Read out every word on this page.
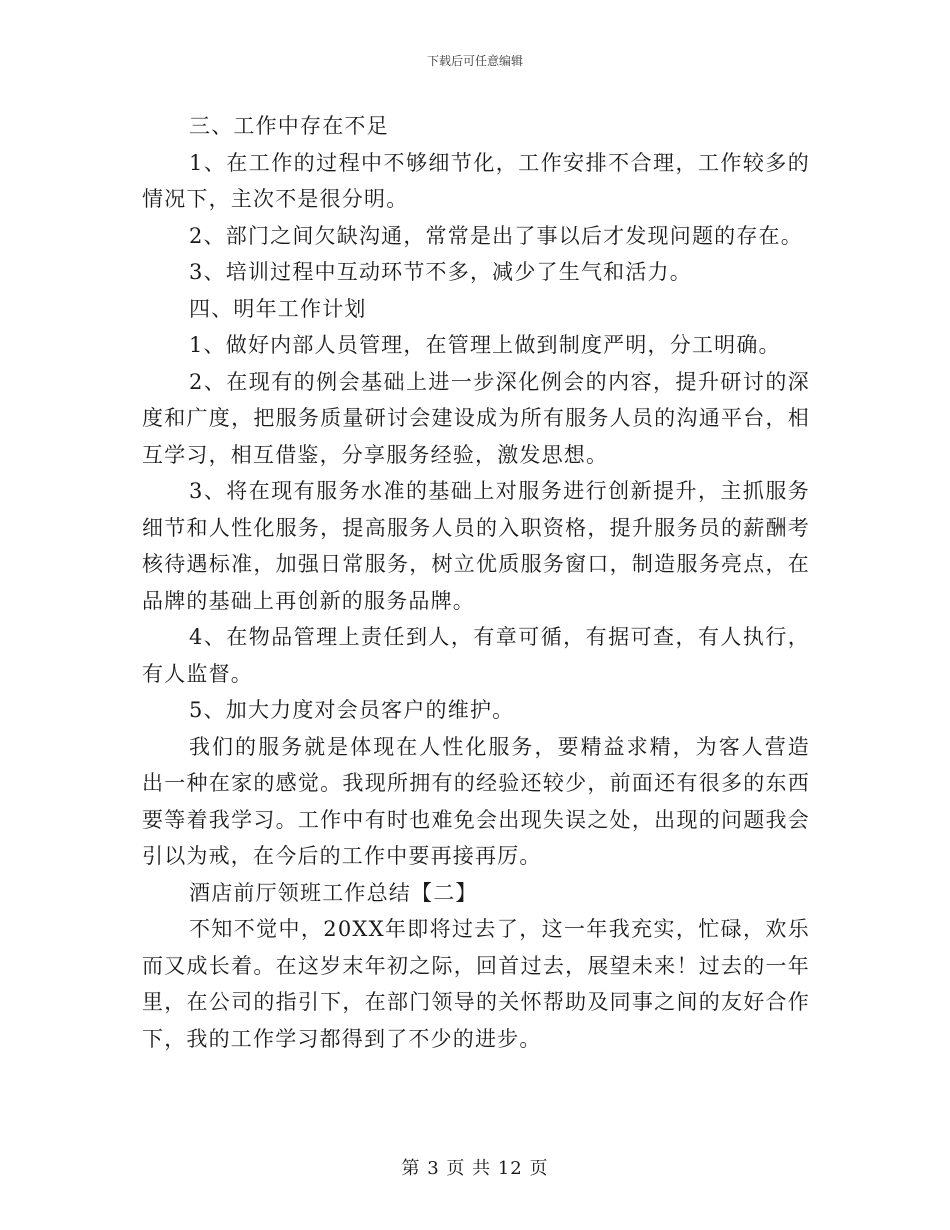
下载后可任意编辑

三、工作中存在不足

1、在工作的过程中不够细节化，工作安排不合理，工作较多的情况下，主次不是很分明。

2、部门之间欠缺沟通，常常是出了事以后才发现问题的存在。

3、培训过程中互动环节不多，减少了生气和活力。

四、明年工作计划

1、做好内部人员管理，在管理上做到制度严明，分工明确。

2、在现有的例会基础上进一步深化例会的内容，提升研讨的深度和广度，把服务质量研讨会建设成为所有服务人员的沟通平台，相互学习，相互借鉴，分享服务经验，激发思想。

3、将在现有服务水准的基础上对服务进行创新提升，主抓服务细节和人性化服务，提高服务人员的入职资格，提升服务员的薪酬考核待遇标准，加强日常服务，树立优质服务窗口，制造服务亮点，在品牌的基础上再创新的服务品牌。

4、在物品管理上责任到人，有章可循，有据可查，有人执行，有人监督。

5、加大力度对会员客户的维护。

我们的服务就是体现在人性化服务，要精益求精，为客人营造出一种在家的感觉。我现所拥有的经验还较少，前面还有很多的东西要等着我学习。工作中有时也难免会出现失误之处，出现的问题我会引以为戒，在今后的工作中要再接再厉。

酒店前厅领班工作总结【二】

不知不觉中，20XX年即将过去了，这一年我充实，忙碌，欢乐而又成长着。在这岁末年初之际，回首过去，展望未来！过去的一年里，在公司的指引下，在部门领导的关怀帮助及同事之间的友好合作下，我的工作学习都得到了不少的进步。

第 3 页 共 12 页
